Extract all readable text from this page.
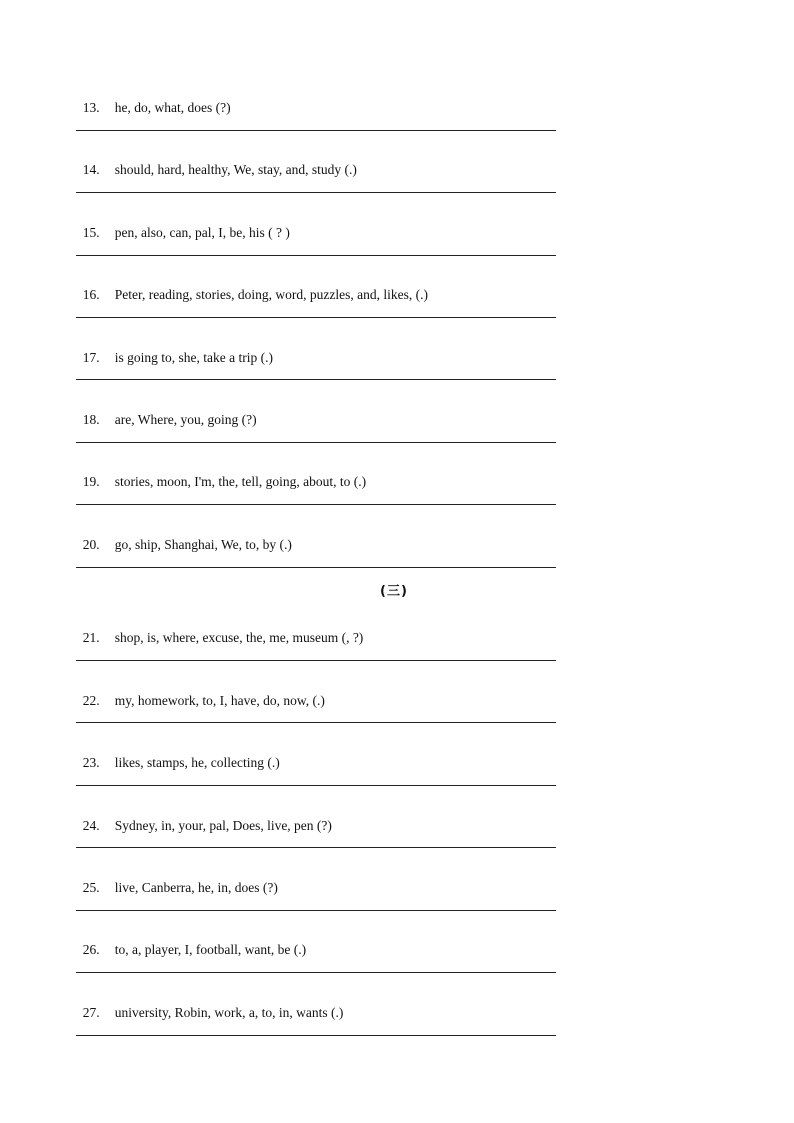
13. he, do, what, does (?)

14. should, hard, healthy, We, stay, and, study (.)

15. pen, also, can, pal, I, be, his ( ? )

16. Peter, reading, stories, doing, word, puzzles, and, likes, (.)

17. is going to, she, take a trip (.)

18. are, Where, you, going (?)

19. stories, moon, I'm, the, tell, going, about, to (.)

20. go, ship, Shanghai, We, to, by (.)

(三)

21. shop, is, where, excuse, the, me, museum (, ?)

22. my, homework, to, I, have, do, now, (.)

23. likes, stamps, he, collecting (.)

24. Sydney, in, your, pal, Does, live, pen (?)

25. live, Canberra, he, in, does (?)

26. to, a, player, I, football, want, be (.)

27. university, Robin, work, a, to, in, wants (.)
